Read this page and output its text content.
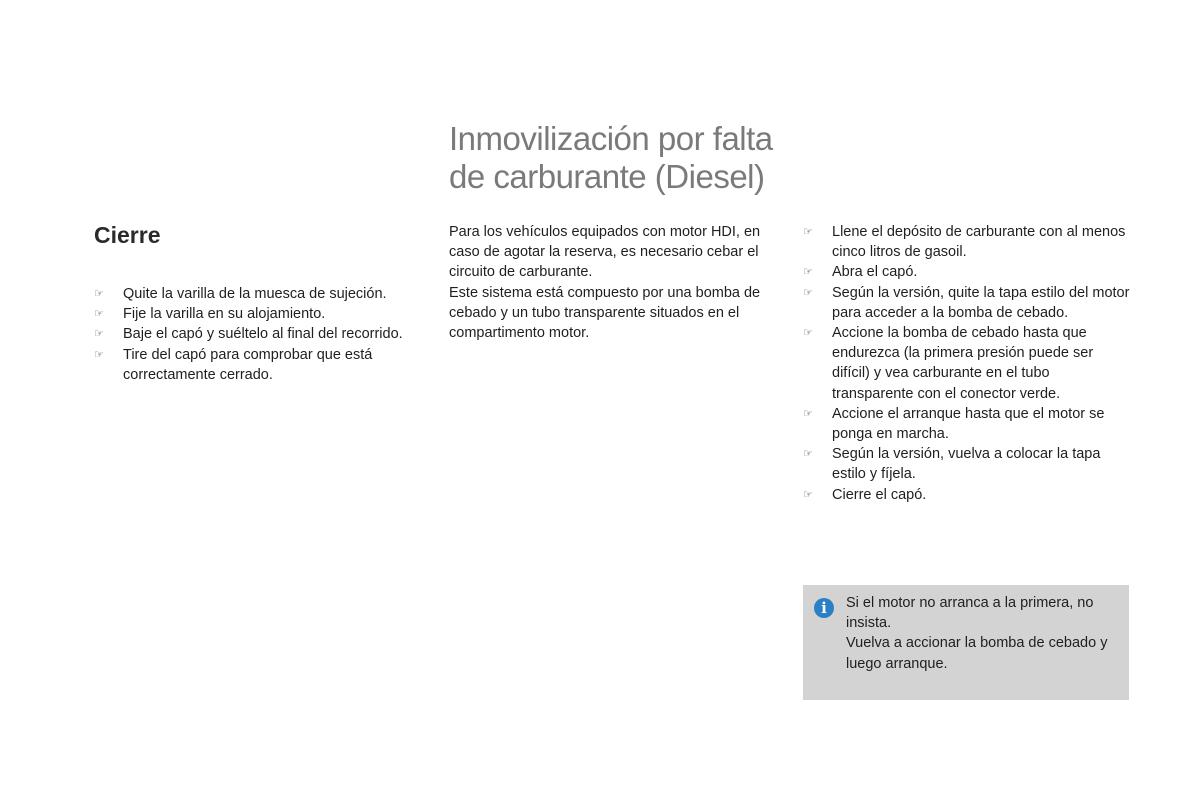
Inmovilización por falta
de carburante (Diesel)
Cierre
☞ Quite la varilla de la muesca de sujeción.
☞ Fije la varilla en su alojamiento.
☞ Baje el capó y suéltelo al final del recorrido.
☞ Tire del capó para comprobar que está correctamente cerrado.

Para los vehículos equipados con motor HDI, en caso de agotar la reserva, es necesario cebar el circuito de carburante.

Este sistema está compuesto por una bomba de cebado y un tubo transparente situados en el compartimento motor.

☞ Llene el depósito de carburante con al menos cinco litros de gasoil.
☞ Abra el capó.
☞ Según la versión, quite la tapa estilo del motor para acceder a la bomba de cebado.
☞ Accione la bomba de cebado hasta que endurezca (la primera presión puede ser difícil) y vea carburante en el tubo transparente con el conector verde.
☞ Accione el arranque hasta que el motor se ponga en marcha.
☞ Según la versión, vuelva a colocar la tapa estilo y fíjela.
☞ Cierre el capó.
i	Si el motor no arranca a la primera, no insista.
Vuelva a accionar la bomba de cebado y luego arranque.
